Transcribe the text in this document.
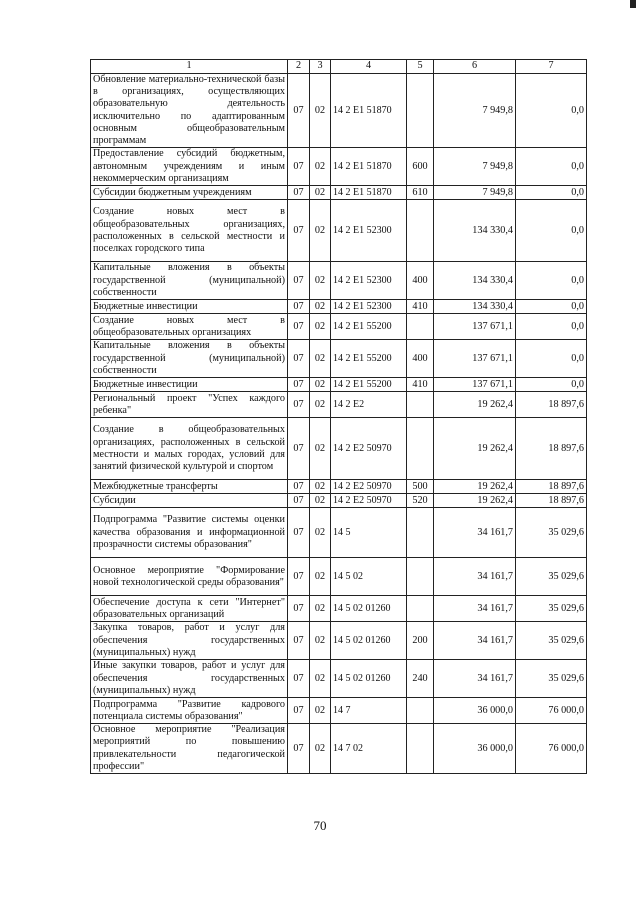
1	2	3	4	5	6	7
Обновление материально-технической базы в организациях, осуществляющих образовательную деятельность исключительно по адаптированным основным общеобразовательным программам	07	02	14 2 Е1 51870		7 949,8	0,0
Предоставление субсидий бюджетным, автономным учреждениям и иным некоммерческим организациям	07	02	14 2 Е1 51870	600	7 949,8	0,0
Субсидии бюджетным учреждениям	07	02	14 2 Е1 51870	610	7 949,8	0,0
Создание новых мест в общеобразовательных организациях, расположенных в сельской местности и поселках городского типа	07	02	14 2 Е1 52300		134 330,4	0,0
Капитальные вложения в объекты государственной (муниципальной) собственности	07	02	14 2 Е1 52300	400	134 330,4	0,0
Бюджетные инвестиции	07	02	14 2 Е1 52300	410	134 330,4	0,0
Создание новых мест в общеобразовательных организациях	07	02	14 2 Е1 55200		137 671,1	0,0
Капитальные вложения в объекты государственной (муниципальной) собственности	07	02	14 2 Е1 55200	400	137 671,1	0,0
Бюджетные инвестиции	07	02	14 2 Е1 55200	410	137 671,1	0,0
Региональный проект "Успех каждого ребенка"	07	02	14 2 Е2		19 262,4	18 897,6
Создание в общеобразовательных организациях, расположенных в сельской местности и малых городах, условий для занятий физической культурой и спортом	07	02	14 2 Е2 50970		19 262,4	18 897,6
Межбюджетные трансферты	07	02	14 2 Е2 50970	500	19 262,4	18 897,6
Субсидии	07	02	14 2 Е2 50970	520	19 262,4	18 897,6
Подпрограмма "Развитие системы оценки качества образования и информационной прозрачности системы образования"	07	02	14 5		34 161,7	35 029,6
Основное мероприятие "Формирование новой технологической среды образования"	07	02	14 5 02		34 161,7	35 029,6
Обеспечение доступа к сети "Интернет" образовательных организаций	07	02	14 5 02 01260		34 161,7	35 029,6
Закупка товаров, работ и услуг для обеспечения государственных (муниципальных) нужд	07	02	14 5 02 01260	200	34 161,7	35 029,6
Иные закупки товаров, работ и услуг для обеспечения государственных (муниципальных) нужд	07	02	14 5 02 01260	240	34 161,7	35 029,6
Подпрограмма "Развитие кадрового потенциала системы образования"	07	02	14 7		36 000,0	76 000,0
Основное мероприятие "Реализация мероприятий по повышению привлекательности педагогической профессии"	07	02	14 7 02		36 000,0	76 000,0
70
